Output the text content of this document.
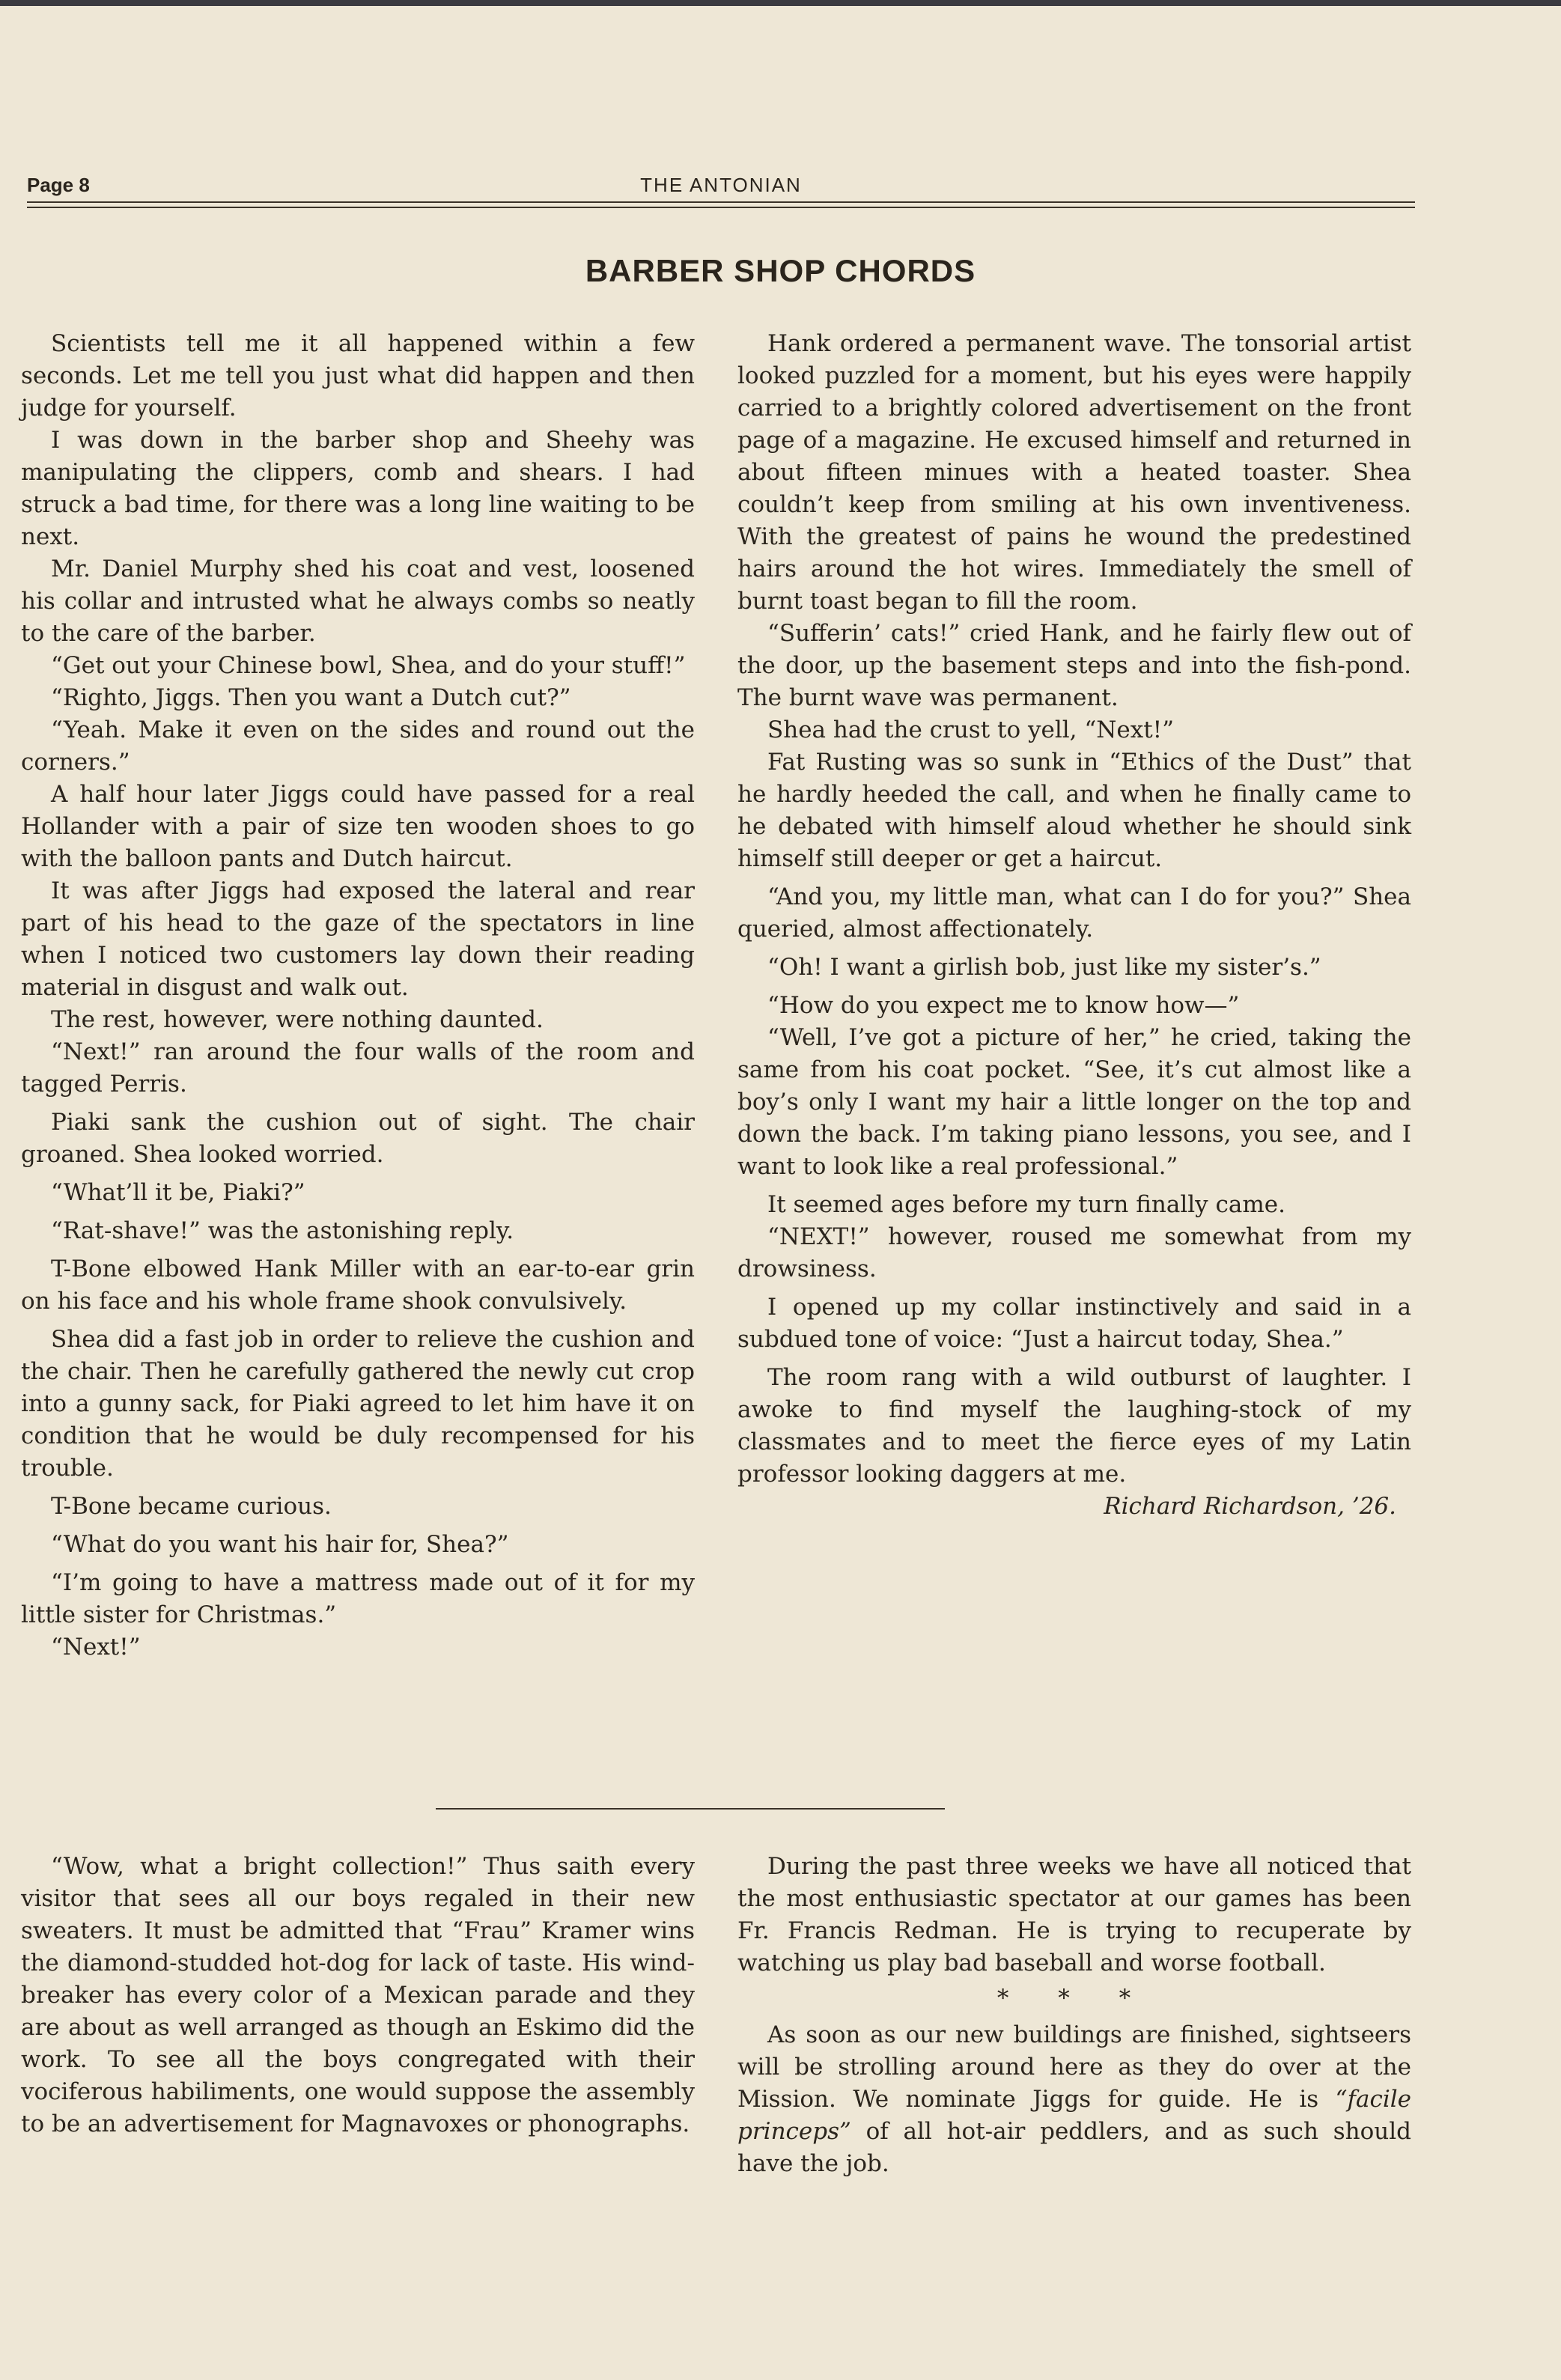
Page 8	THE ANTONIAN
BARBER SHOP CHORDS

Scientists tell me it all happened within a few seconds. Let me tell you just what did happen and then judge for yourself.

I was down in the barber shop and Sheehy was manipulating the clippers, comb and shears. I had struck a bad time, for there was a long line waiting to be next.

Mr. Daniel Murphy shed his coat and vest, loosened his collar and intrusted what he always combs so neatly to the care of the barber.

“Get out your Chinese bowl, Shea, and do your stuff!”

“Righto, Jiggs. Then you want a Dutch cut?”

“Yeah. Make it even on the sides and round out the corners.”

A half hour later Jiggs could have passed for a real Hollander with a pair of size ten wooden shoes to go with the balloon pants and Dutch haircut.

It was after Jiggs had exposed the lateral and rear part of his head to the gaze of the spectators in line when I noticed two customers lay down their reading material in disgust and walk out.

The rest, however, were nothing daunted.

“Next!” ran around the four walls of the room and tagged Perris.

Piaki sank the cushion out of sight. The chair groaned. Shea looked worried.

“What’ll it be, Piaki?”

“Rat-shave!” was the astonishing reply.

T-Bone elbowed Hank Miller with an ear-to-ear grin on his face and his whole frame shook convulsively.

Shea did a fast job in order to relieve the cushion and the chair. Then he carefully gathered the newly cut crop into a gunny sack, for Piaki agreed to let him have it on condition that he would be duly recompensed for his trouble.

T-Bone became curious.

“What do you want his hair for, Shea?”

“I’m going to have a mattress made out of it for my little sister for Christmas.”

“Next!”

Hank ordered a permanent wave. The tonsorial artist looked puzzled for a moment, but his eyes were happily carried to a brightly colored advertisement on the front page of a magazine. He excused himself and returned in about fifteen minues with a heated toaster. Shea couldn’t keep from smiling at his own inventiveness. With the greatest of pains he wound the predestined hairs around the hot wires. Immediately the smell of burnt toast began to fill the room.

“Sufferin’ cats!” cried Hank, and he fairly flew out of the door, up the basement steps and into the fish-pond. The burnt wave was permanent.

Shea had the crust to yell, “Next!”

Fat Rusting was so sunk in “Ethics of the Dust” that he hardly heeded the call, and when he finally came to he debated with himself aloud whether he should sink himself still deeper or get a haircut.

“And you, my little man, what can I do for you?” Shea queried, almost affectionately.

“Oh! I want a girlish bob, just like my sister’s.”

“How do you expect me to know how—”

“Well, I’ve got a picture of her,” he cried, taking the same from his coat pocket. “See, it’s cut almost like a boy’s only I want my hair a little longer on the top and down the back. I’m taking piano lessons, you see, and I want to look like a real professional.”

It seemed ages before my turn finally came.

“NEXT!” however, roused me somewhat from my drowsiness.

I opened up my collar instinctively and said in a subdued tone of voice: “Just a haircut today, Shea.”

The room rang with a wild outburst of laughter. I awoke to find myself the laughing-stock of my classmates and to meet the fierce eyes of my Latin professor looking daggers at me.

Richard Richardson, ’26.

“Wow, what a bright collection!” Thus saith every visitor that sees all our boys regaled in their new sweaters. It must be admitted that “Frau” Kramer wins the diamond-studded hot-dog for lack of taste. His wind-breaker has every color of a Mexican parade and they are about as well arranged as though an Eskimo did the work. To see all the boys congregated with their vociferous habiliments, one would suppose the assembly to be an advertisement for Magnavoxes or phonographs.

During the past three weeks we have all noticed that the most enthusiastic spectator at our games has been Fr. Francis Redman. He is trying to recuperate by watching us play bad baseball and worse football.

* * *

As soon as our new buildings are finished, sightseers will be strolling around here as they do over at the Mission. We nominate Jiggs for guide. He is “facile princeps” of all hot-air peddlers, and as such should have the job.
